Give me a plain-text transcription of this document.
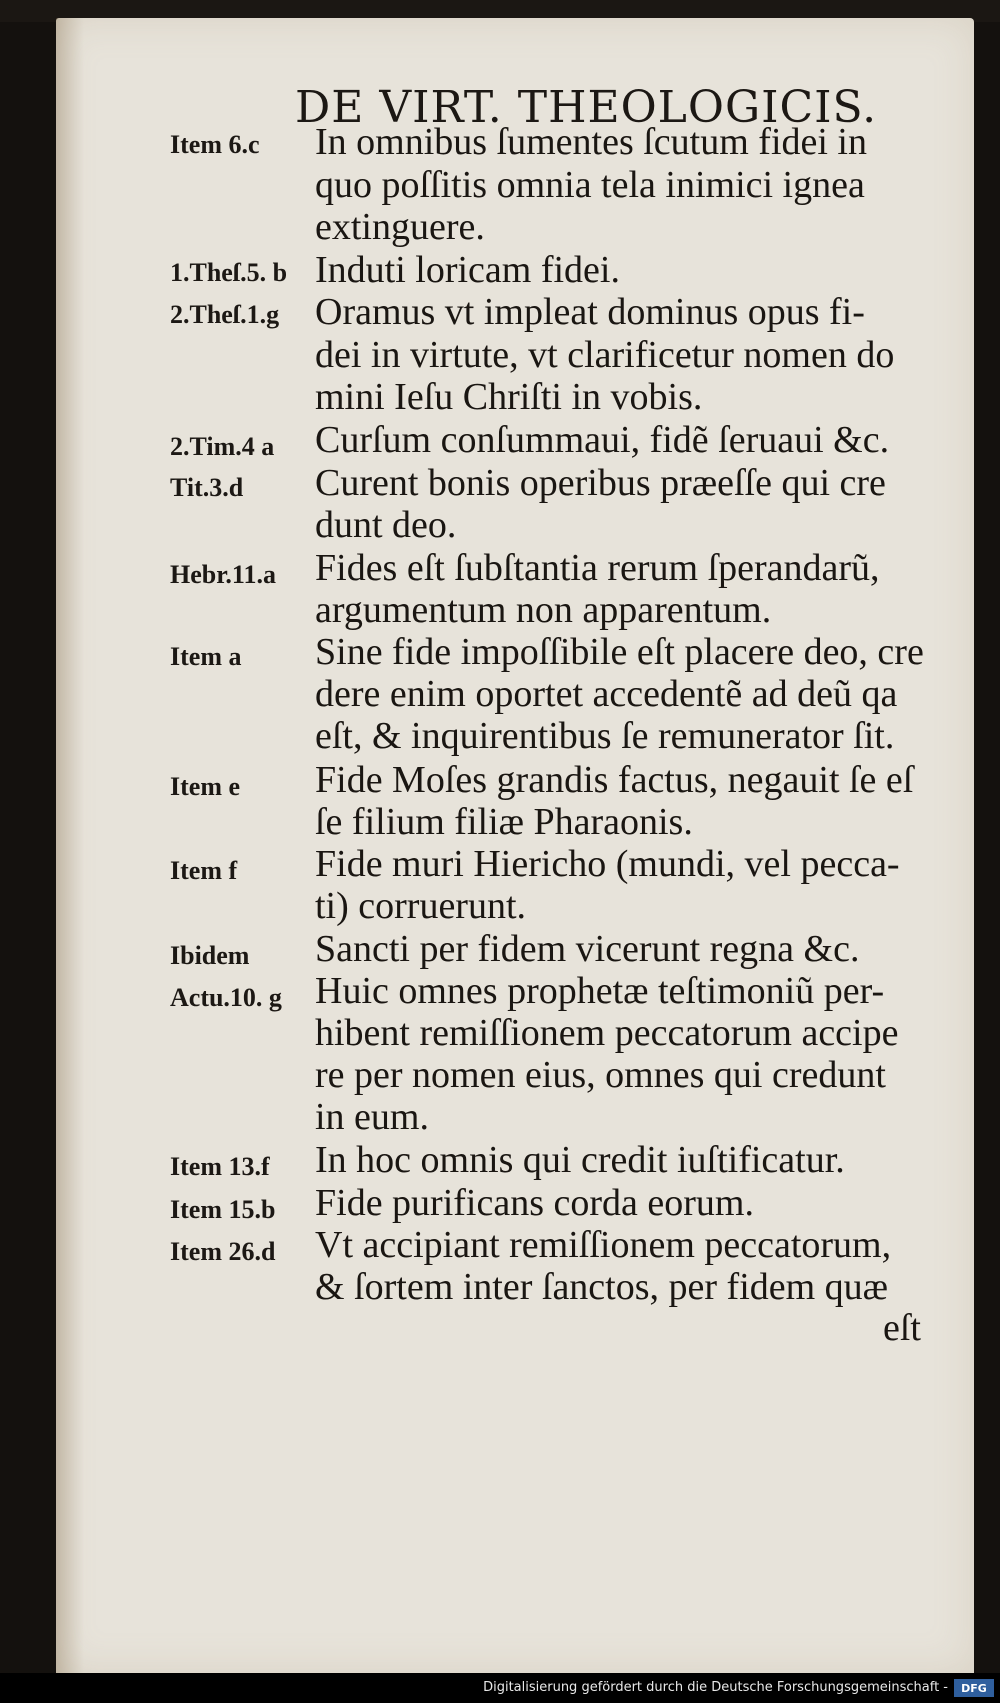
DE VIRT. THEOLOGICIS.
Item 6.c In omnibus ſumentes ſcutum fidei in
quo poſſitis omnia tela inimici ignea
extinguere.
1.Theſ.5. b Induti loricam fidei.
2.Theſ.1.g Oramus vt impleat dominus opus fi-
dei in virtute, vt clarificetur nomen do
mini Ieſu Chriſti in vobis.
2.Tim.4 a Curſum conſummaui, fidẽ ſeruaui &c.
Tit.3.d Curent bonis operibus præeſſe qui cre
dunt deo.
Hebr.11.a Fides eſt ſubſtantia rerum ſperandarũ,
argumentum non apparentum.
Item a Sine fide impoſſibile eſt placere deo, cre
dere enim oportet accedentẽ ad deũ qa
eſt, & inquirentibus ſe remunerator ſit.
Item e Fide Moſes grandis factus, negauit ſe eſ
ſe filium filiæ Pharaonis.
Item f Fide muri Hiericho (mundi, vel pecca-
ti) corruerunt.
Ibidem Sancti per fidem vicerunt regna &c.
Actu.10. g Huic omnes prophetæ teſtimoniũ per-
hibent remiſſionem peccatorum accipe
re per nomen eius, omnes qui credunt
in eum.
Item 13.f In hoc omnis qui credit iuſtificatur.
Item 15.b Fide purificans corda eorum.
Item 26.d Vt accipiant remiſſionem peccatorum,
& ſortem inter ſanctos, per fidem quæ
eſt
Digitalisierung gefördert durch die Deutsche Forschungsgemeinschaft -	DFG
